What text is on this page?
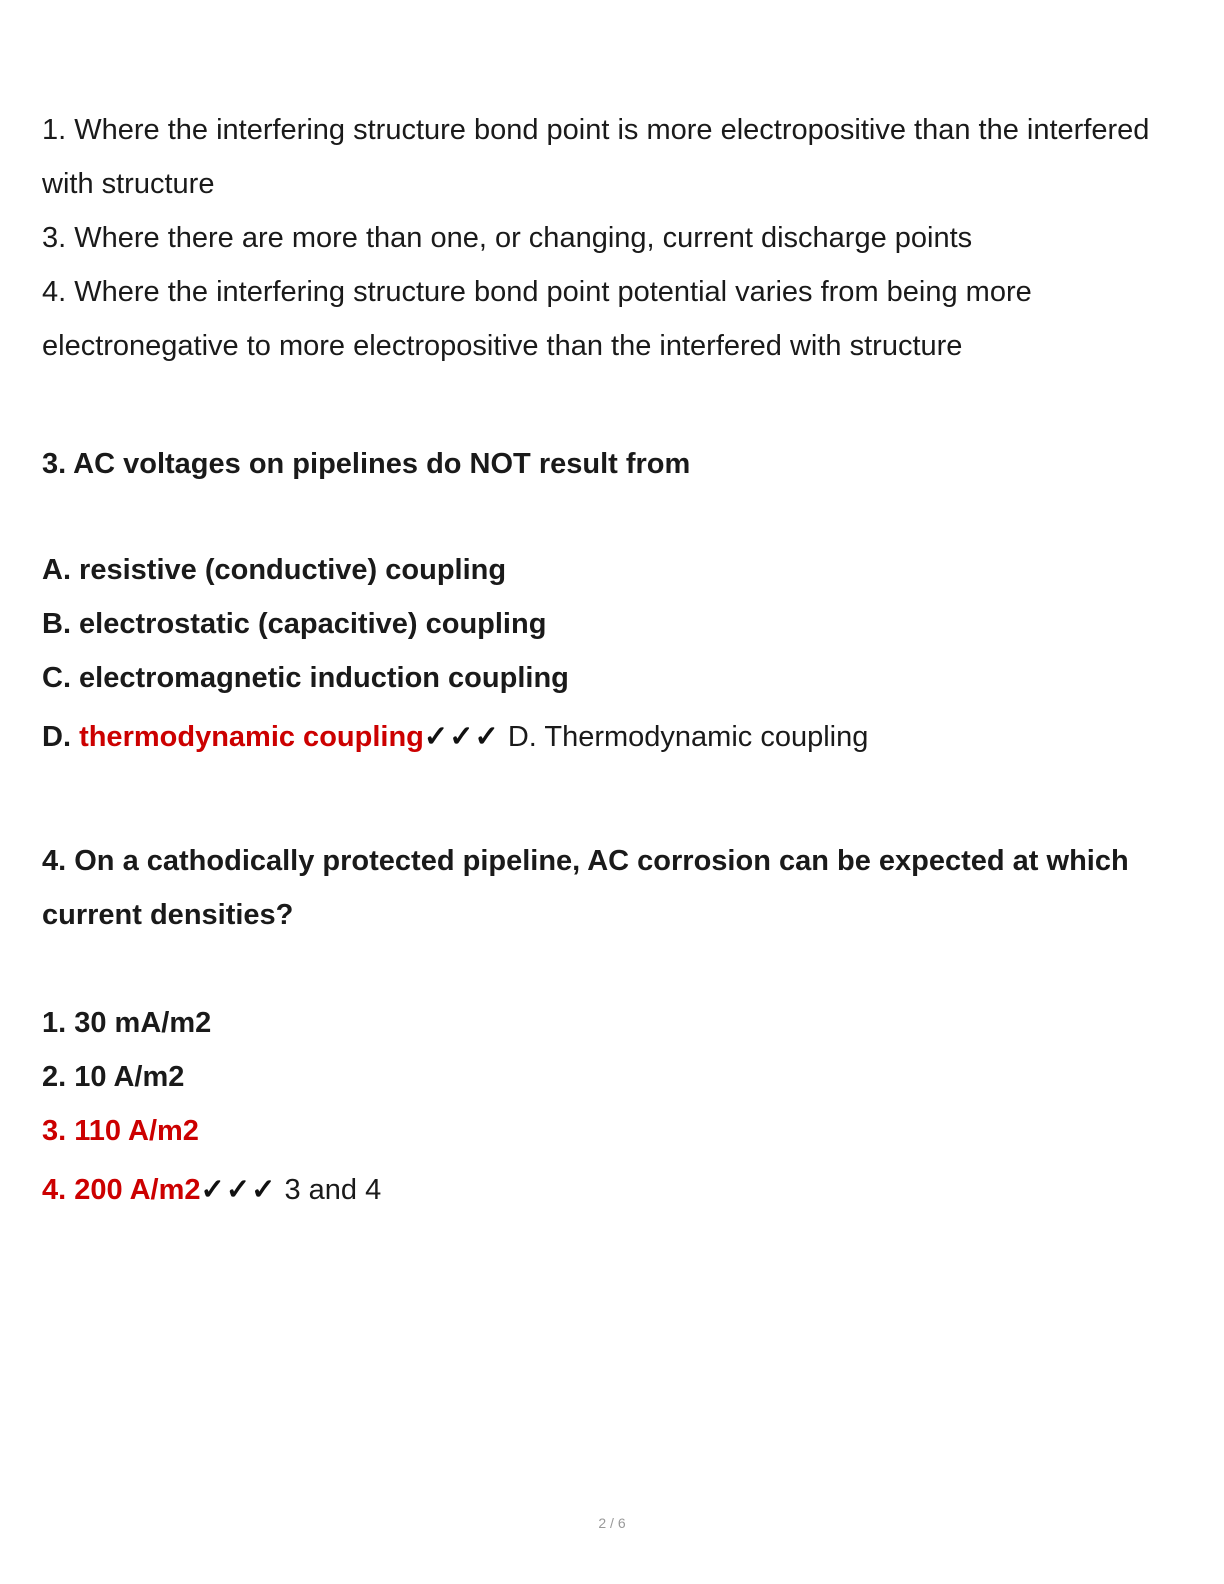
1. Where the interfering structure bond point is more electropositive than the interfered with structure

3. Where there are more than one, or changing, current discharge points

4. Where the interfering structure bond point potential varies from being more electronegative to more electropositive than the interfered with structure

3. AC voltages on pipelines do NOT result from

A. resistive (conductive) coupling

B. electrostatic (capacitive) coupling

C. electromagnetic induction coupling

D. thermodynamic coupling✓✓✓ D. Thermodynamic coupling

4. On a cathodically protected pipeline, AC corrosion can be expected at which current densities?

1. 30 mA/m2

2. 10 A/m2

3. 110 A/m2

4. 200 A/m2✓✓✓ 3 and 4

2 / 6
